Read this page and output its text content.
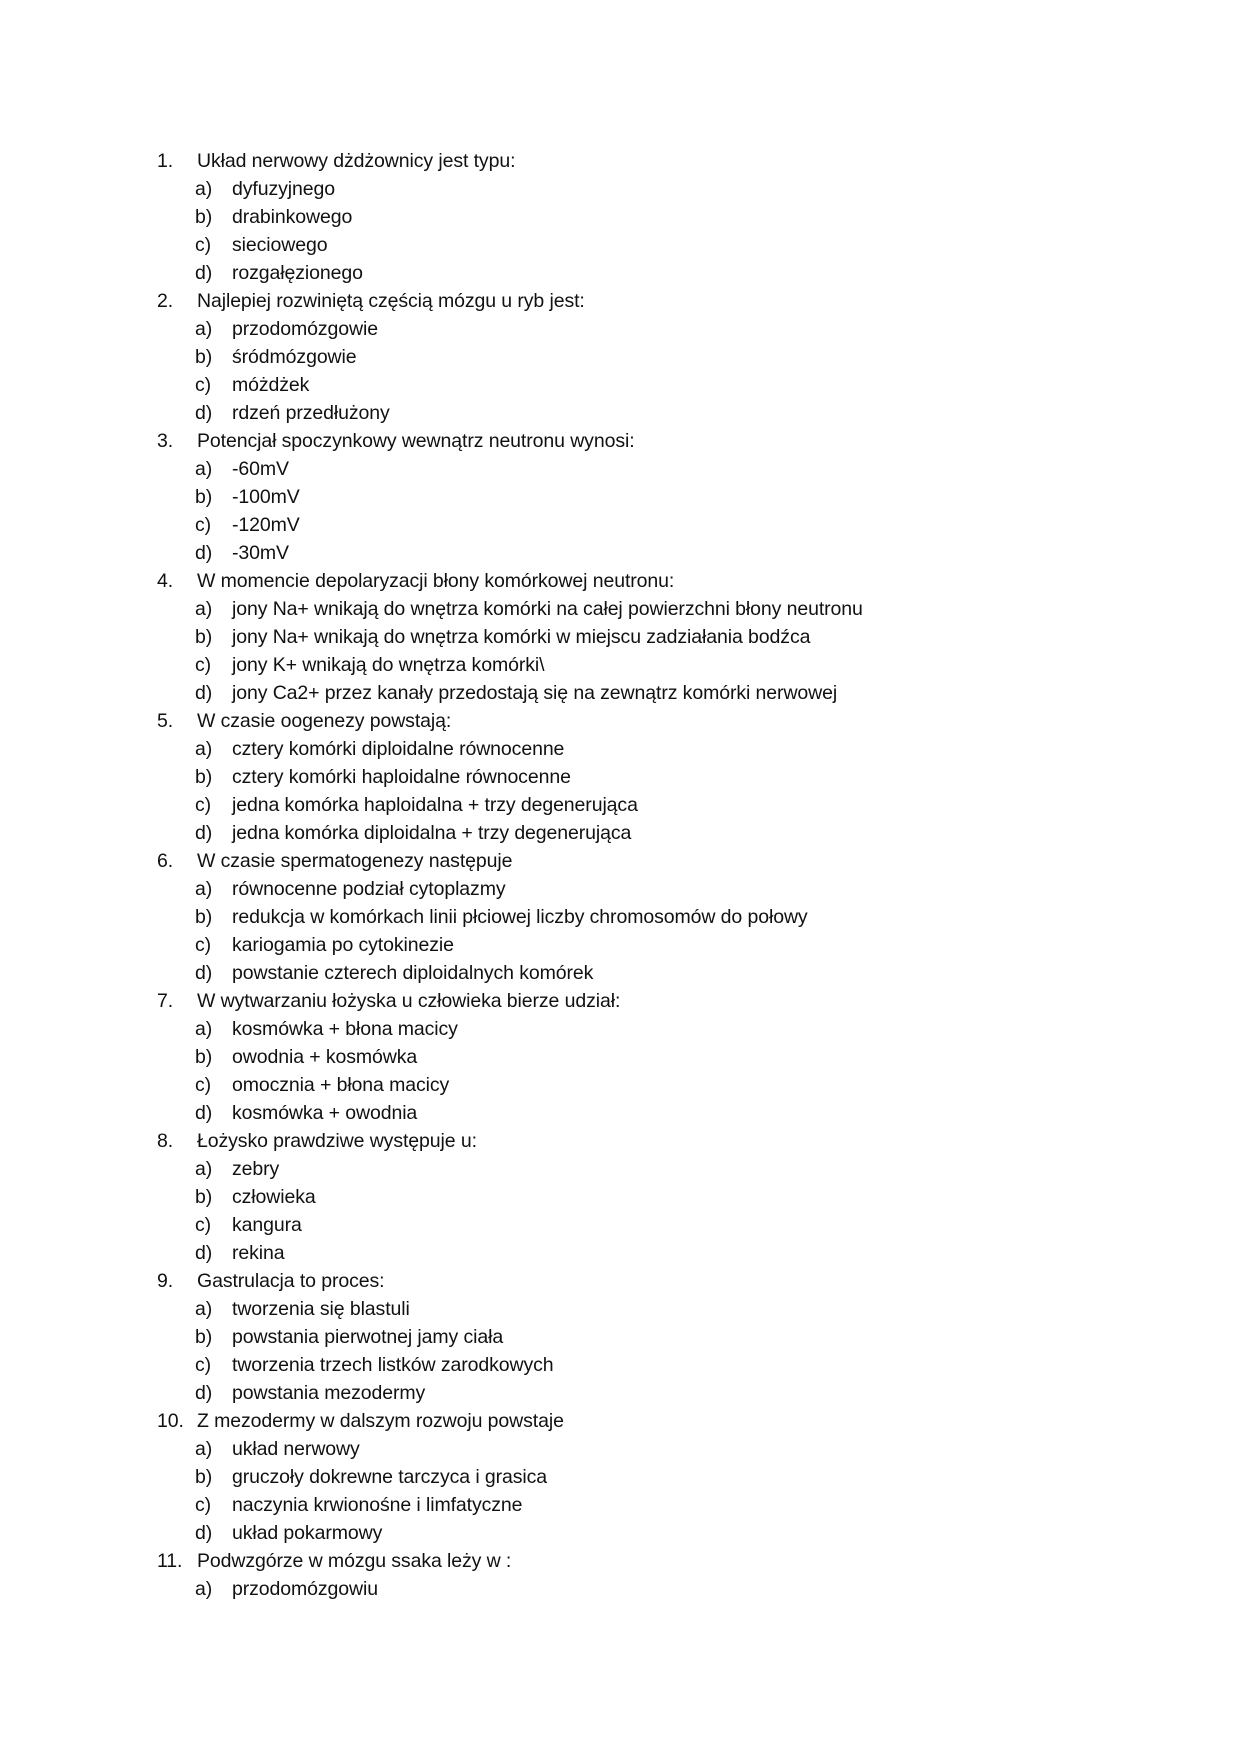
1. Układ nerwowy dżdżownicy jest typu:
a) dyfuzyjnego
b) drabinkowego
c) sieciowego
d) rozgałęzionego
2. Najlepiej rozwiniętą częścią mózgu u ryb jest:
a) przodomózgowie
b) śródmózgowie
c) móżdżek
d) rdzeń przedłużony
3. Potencjał spoczynkowy wewnątrz neutronu wynosi:
a) -60mV
b) -100mV
c) -120mV
d) -30mV
4. W momencie depolaryzacji błony komórkowej neutronu:
a) jony Na+ wnikają do wnętrza komórki na całej powierzchni błony neutronu
b) jony Na+ wnikają do wnętrza komórki w miejscu zadziałania bodźca
c) jony K+ wnikają do wnętrza komórki\
d) jony Ca2+ przez kanały przedostają się na zewnątrz komórki nerwowej
5. W czasie oogenezy powstają:
a) cztery komórki diploidalne równocenne
b) cztery komórki haploidalne równocenne
c) jedna komórka haploidalna + trzy degenerująca
d) jedna komórka diploidalna + trzy degenerująca
6. W czasie spermatogenezy następuje
a) równocenne podział cytoplazmy
b) redukcja w komórkach linii płciowej liczby chromosomów do połowy
c) kariogamia po cytokinezie
d) powstanie czterech diploidalnych komórek
7. W wytwarzaniu łożyska u człowieka bierze udział:
a) kosmówka + błona macicy
b) owodnia + kosmówka
c) omocznia + błona macicy
d) kosmówka + owodnia
8. Łożysko prawdziwe występuje u:
a) zebry
b) człowieka
c) kangura
d) rekina
9. Gastrulacja to proces:
a) tworzenia się blastuli
b) powstania pierwotnej jamy ciała
c) tworzenia trzech listków zarodkowych
d) powstania mezodermy
10. Z mezodermy w dalszym rozwoju powstaje
a) układ nerwowy
b) gruczoły dokrewne tarczyca i grasica
c) naczynia krwionośne i limfatyczne
d) układ pokarmowy
11. Podwzgórze w mózgu ssaka leży w :
a) przodomózgowiu
